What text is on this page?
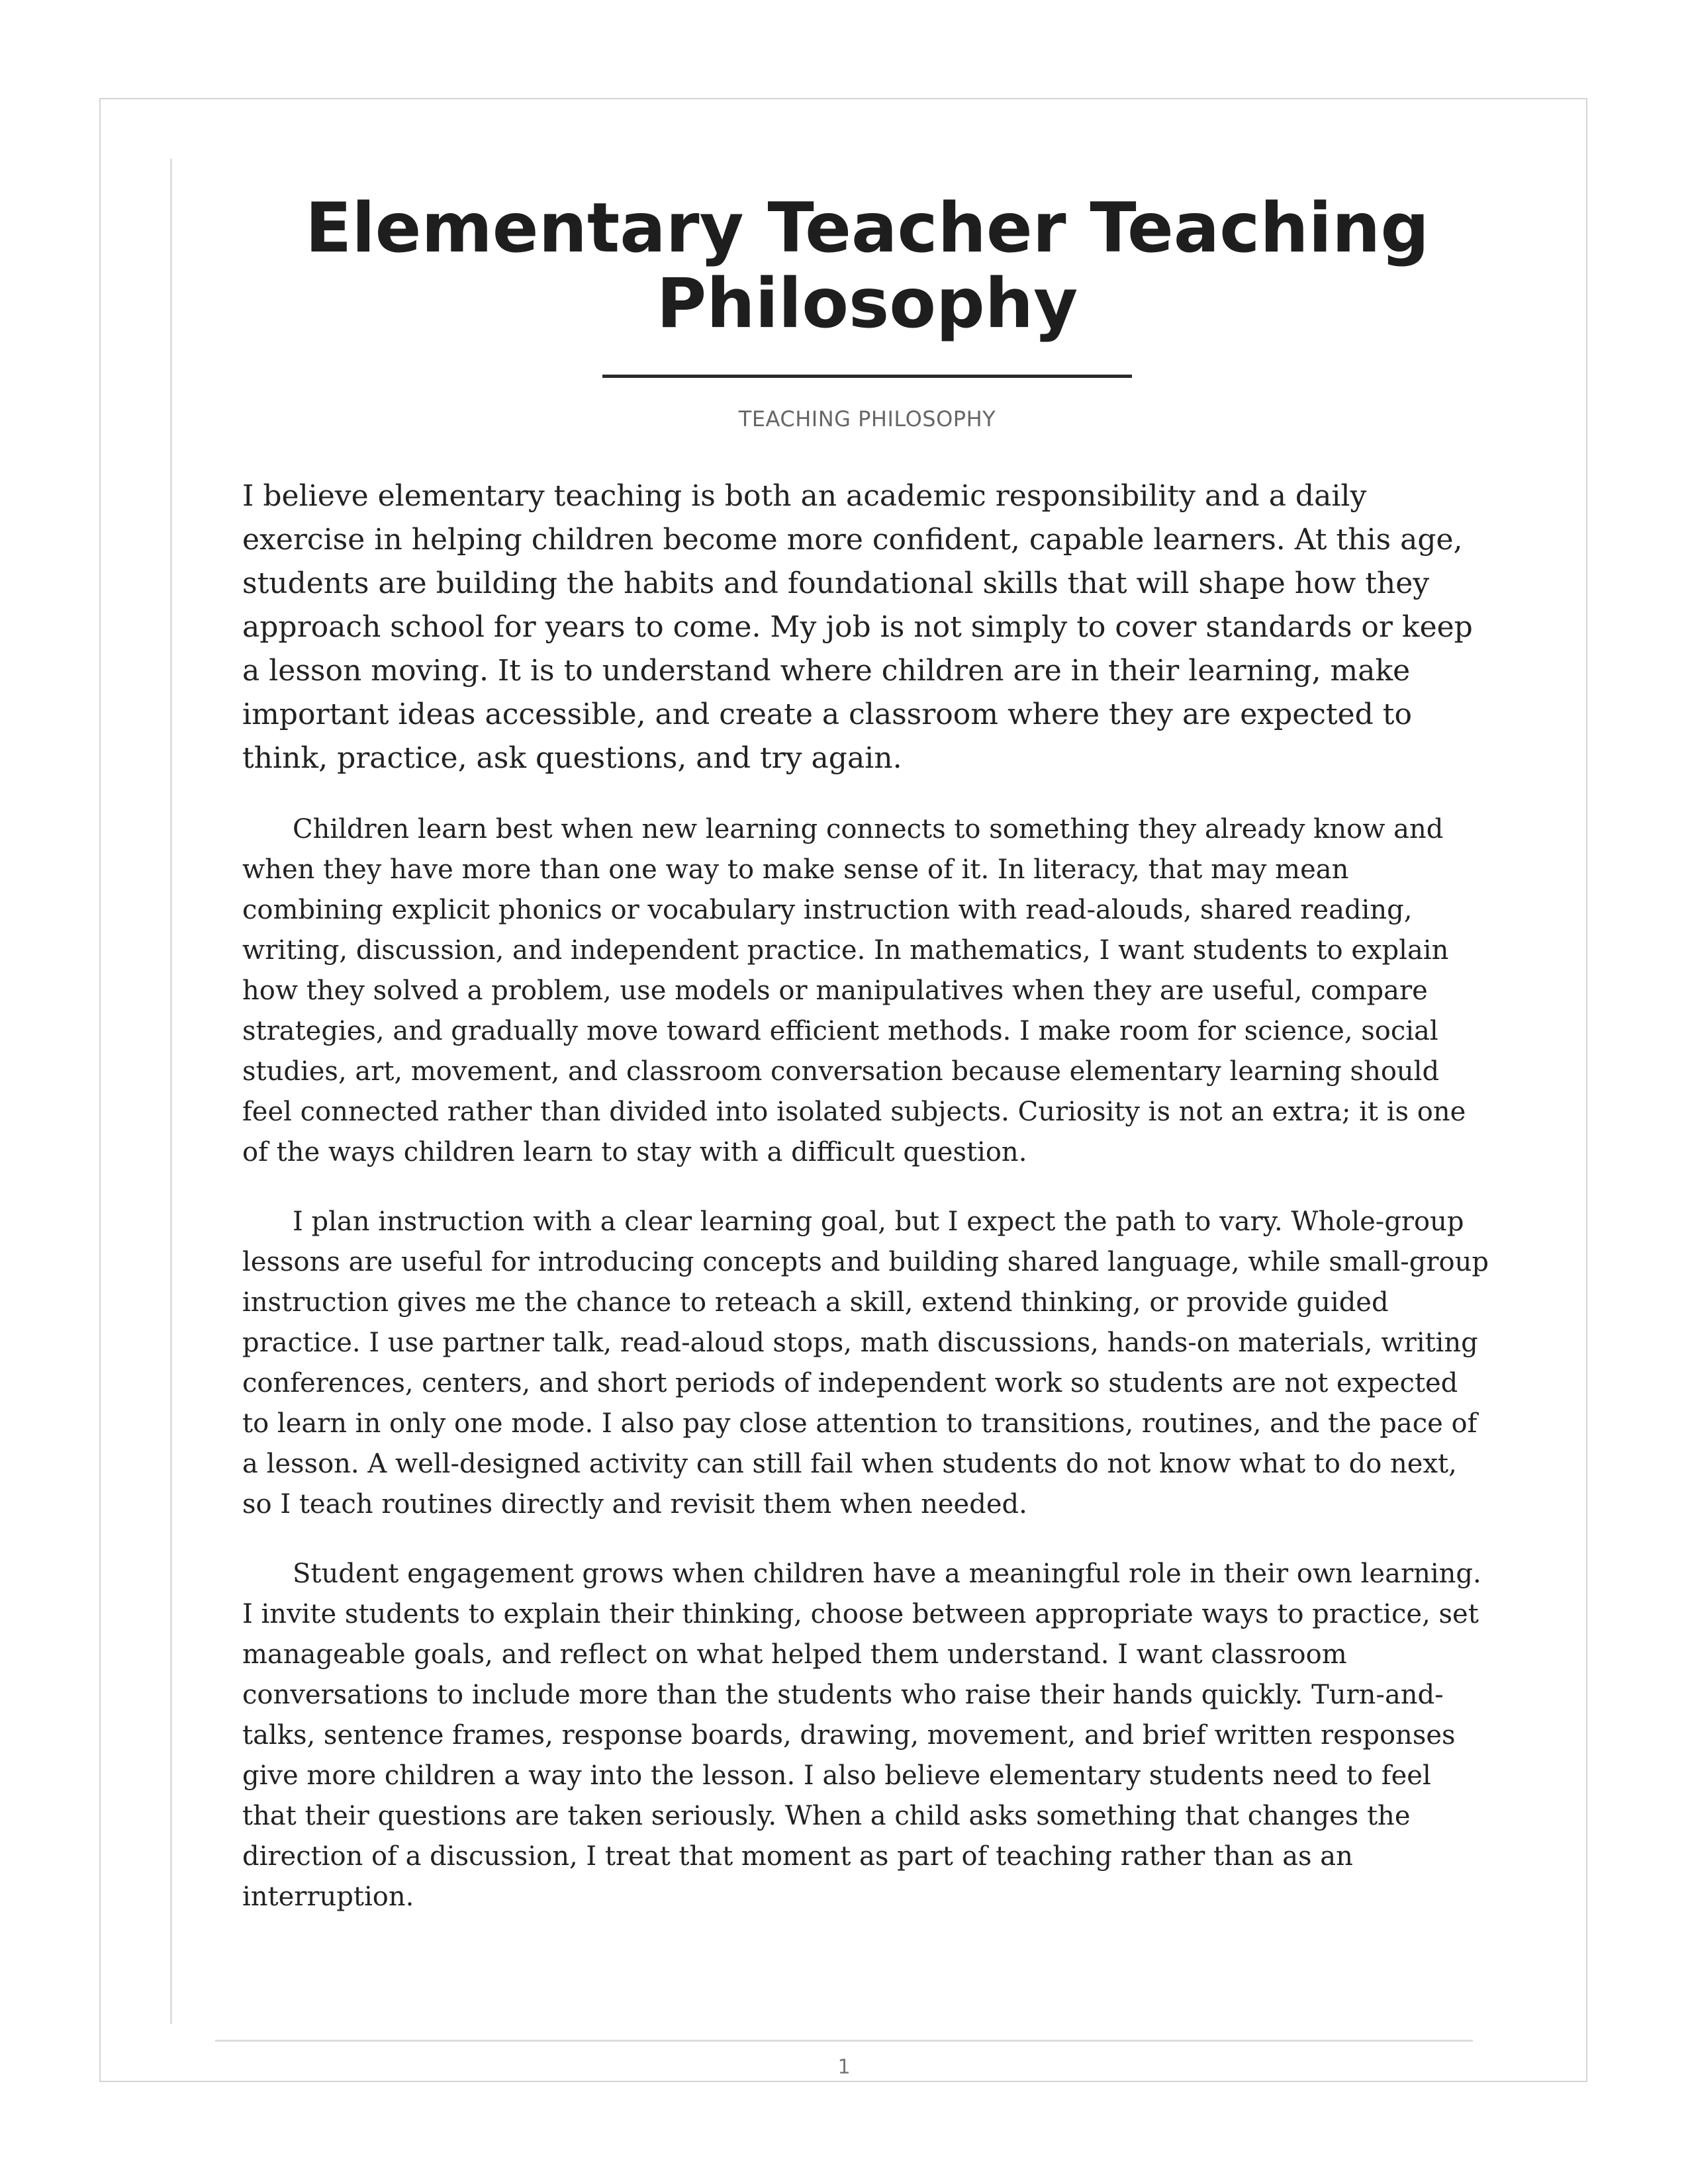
Elementary Teacher Teaching Philosophy
TEACHING PHILOSOPHY

I believe elementary teaching is both an academic responsibility and a daily exercise in helping children become more confident, capable learners. At this age, students are building the habits and foundational skills that will shape how they approach school for years to come. My job is not simply to cover standards or keep a lesson moving. It is to understand where children are in their learning, make important ideas accessible, and create a classroom where they are expected to think, practice, ask questions, and try again.

Children learn best when new learning connects to something they already know and when they have more than one way to make sense of it. In literacy, that may mean combining explicit phonics or vocabulary instruction with read-alouds, shared reading, writing, discussion, and independent practice. In mathematics, I want students to explain how they solved a problem, use models or manipulatives when they are useful, compare strategies, and gradually move toward efficient methods. I make room for science, social studies, art, movement, and classroom conversation because elementary learning should feel connected rather than divided into isolated subjects. Curiosity is not an extra; it is one of the ways children learn to stay with a difficult question.

I plan instruction with a clear learning goal, but I expect the path to vary. Whole-group lessons are useful for introducing concepts and building shared language, while small-group instruction gives me the chance to reteach a skill, extend thinking, or provide guided practice. I use partner talk, read-aloud stops, math discussions, hands-on materials, writing conferences, centers, and short periods of independent work so students are not expected to learn in only one mode. I also pay close attention to transitions, routines, and the pace of a lesson. A well-designed activity can still fail when students do not know what to do next, so I teach routines directly and revisit them when needed.

Student engagement grows when children have a meaningful role in their own learning. I invite students to explain their thinking, choose between appropriate ways to practice, set manageable goals, and reflect on what helped them understand. I want classroom conversations to include more than the students who raise their hands quickly. Turn-and-talks, sentence frames, response boards, drawing, movement, and brief written responses give more children a way into the lesson. I also believe elementary students need to feel that their questions are taken seriously. When a child asks something that changes the direction of a discussion, I treat that moment as part of teaching rather than as an interruption.

1
